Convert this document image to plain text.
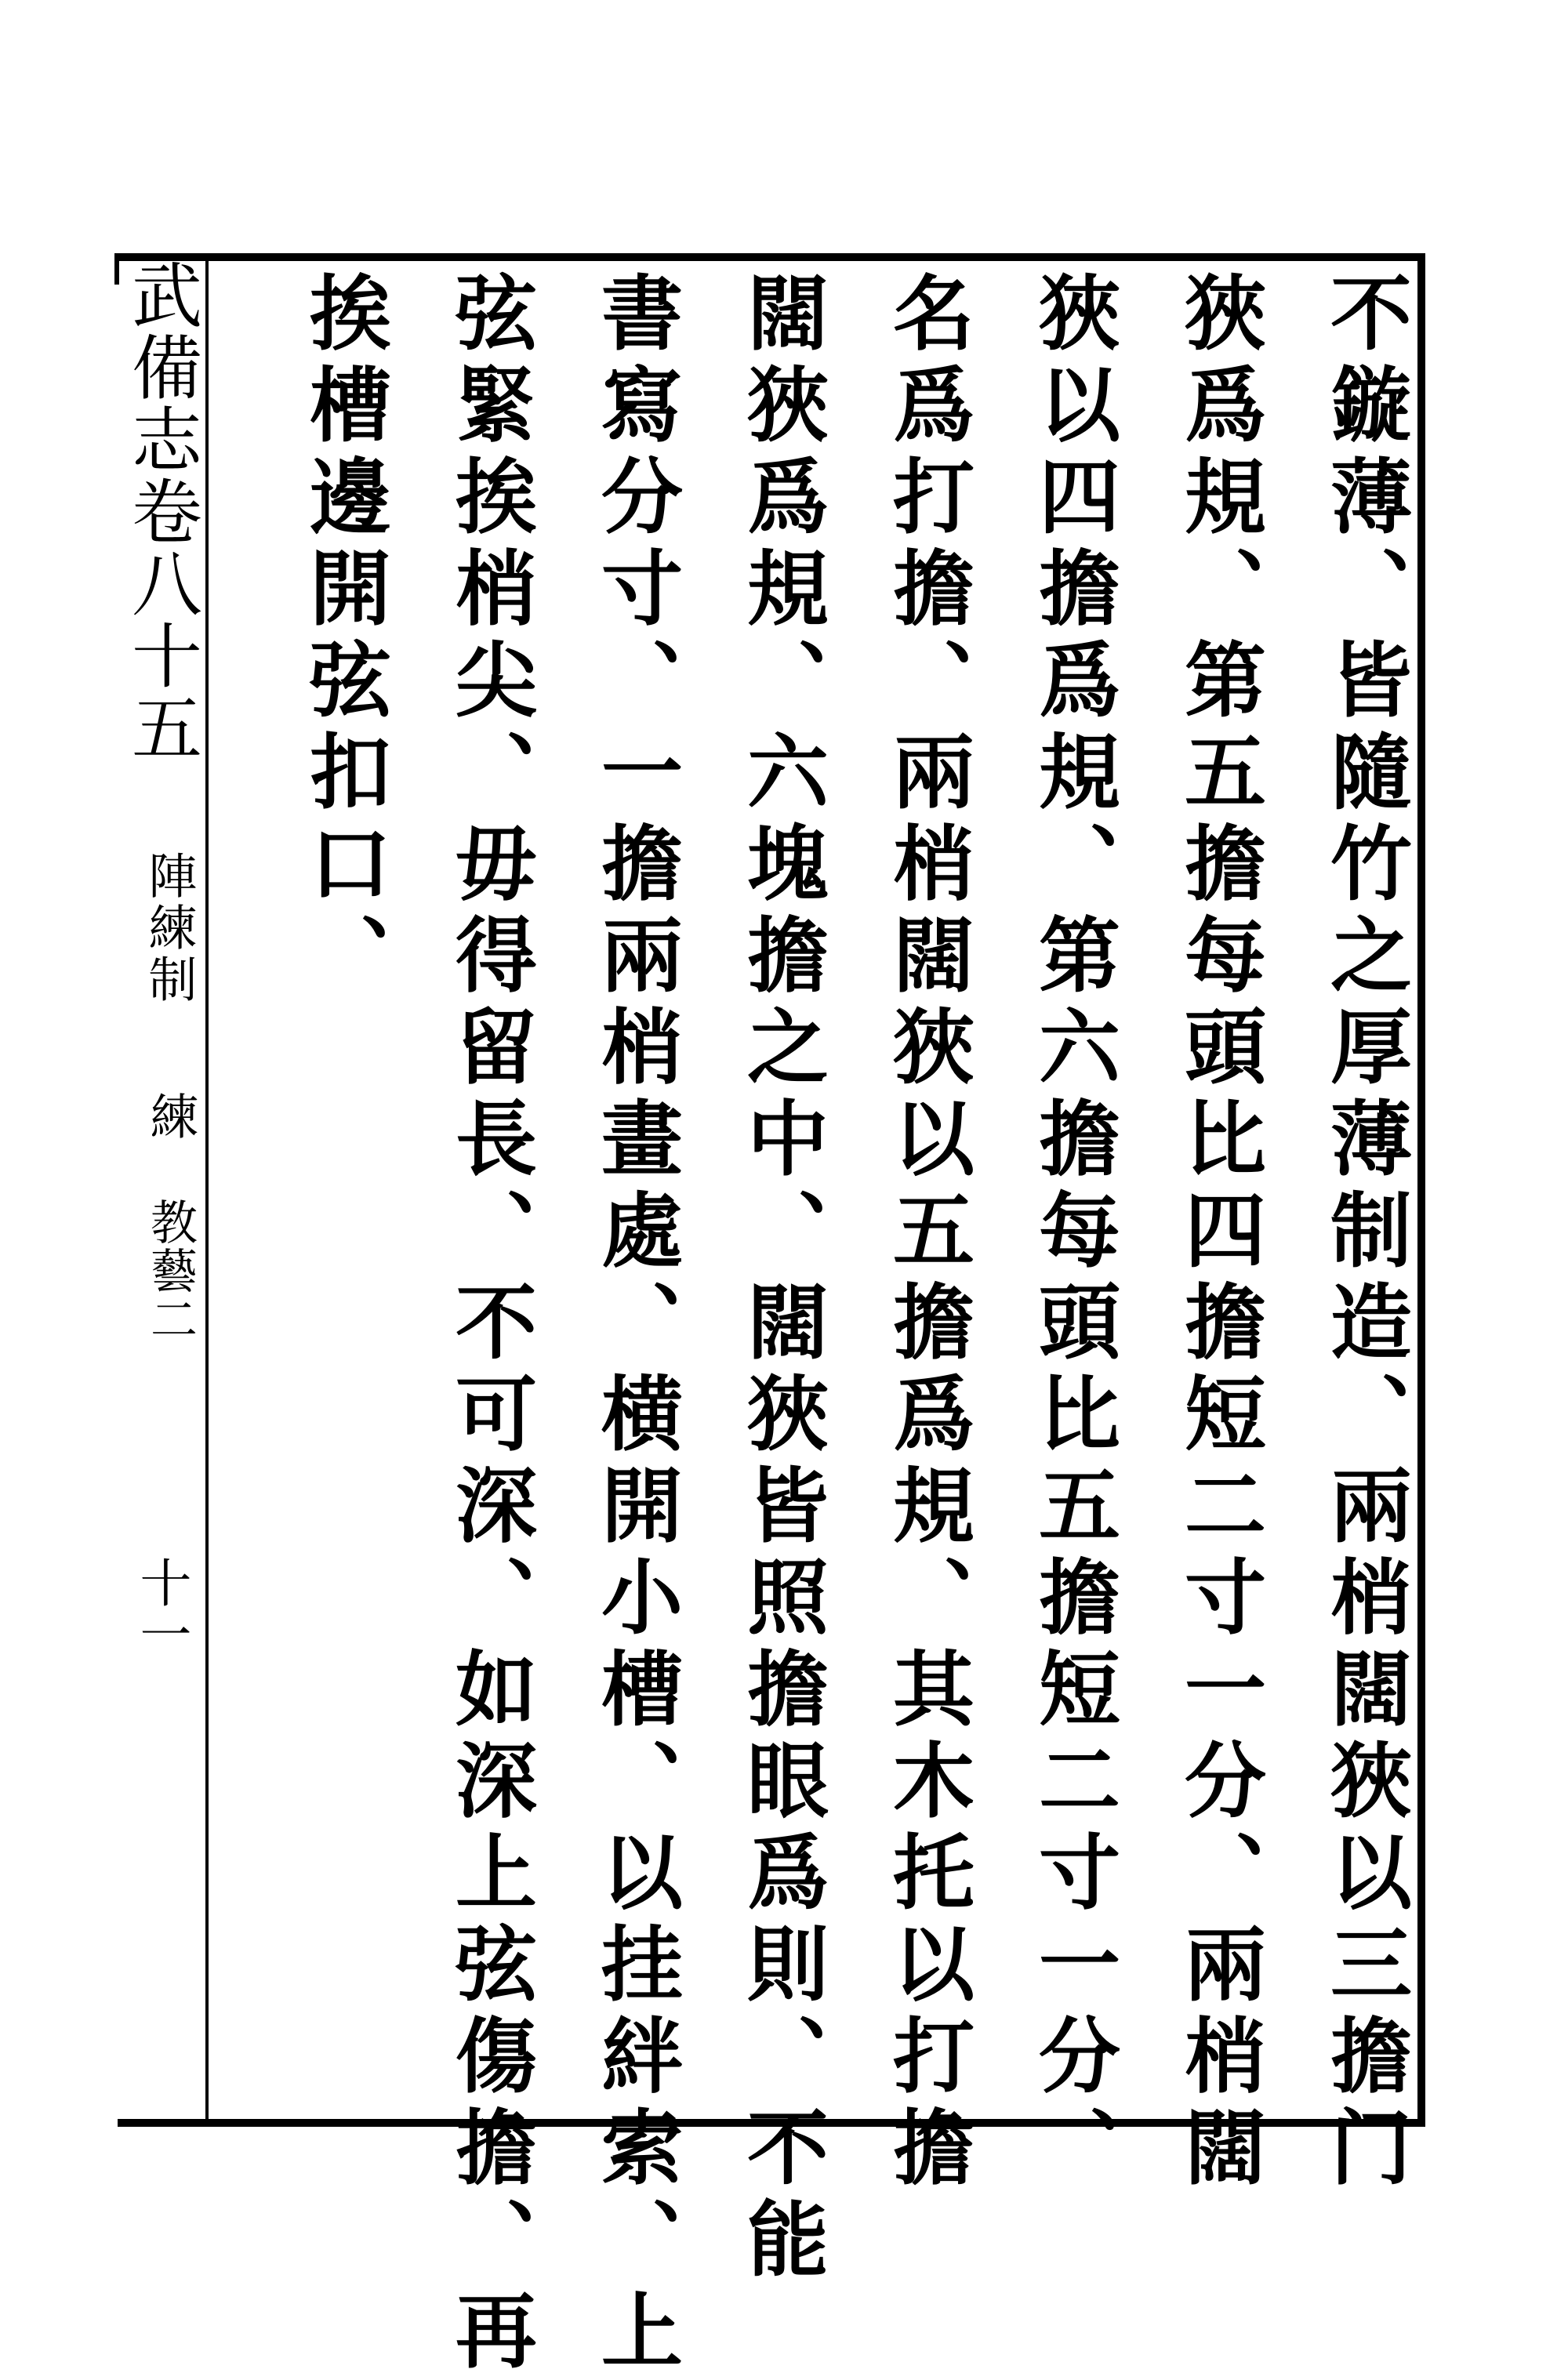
武備志卷八十五
陣練制
練
教藝二
十一	不鏇薄、皆隨竹之厚薄制造、兩梢闊狹以三擔门
狹爲規、第五擔每頭比四擔短二寸一分、兩梢闊
狹以四擔爲規、第六擔每頭比五擔短二寸一分、
名爲打擔、兩梢闊狹以五擔爲規、其木托以打擔
闊狹爲規、六塊擔之中、闊狹皆照擔眼爲則、不能
書寫分寸、一擔兩梢畫處、横開小槽、以挂絆索、上
弦緊挨梢尖、毋得留長、不可深、如深上弦傷擔、再
挨槽邊開弦扣口、
